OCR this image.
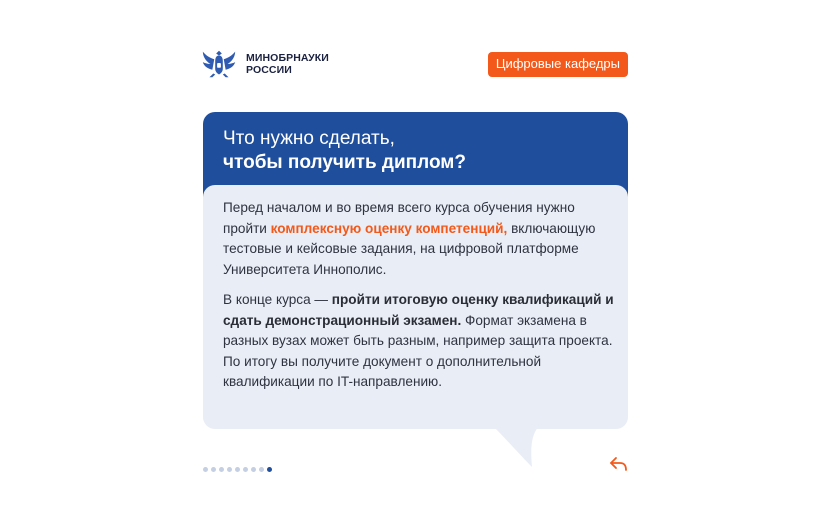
МИНОБРНАУКИ
РОССИИ	Цифровые кафедры
Что нужно сделать,
чтобы получить диплом?

Перед началом и во время всего курса обучения нужно пройти комплексную оценку компетенций, включающую тестовые и кейсовые задания, на цифровой платформе Университета Иннополис.

В конце курса — пройти итоговую оценку квалификаций и сдать демонстрационный экзамен. Формат экзамена в разных вузах может быть разным, например защита проекта. По итогу вы получите документ о дополнительной квалификации по IT-направлению.
